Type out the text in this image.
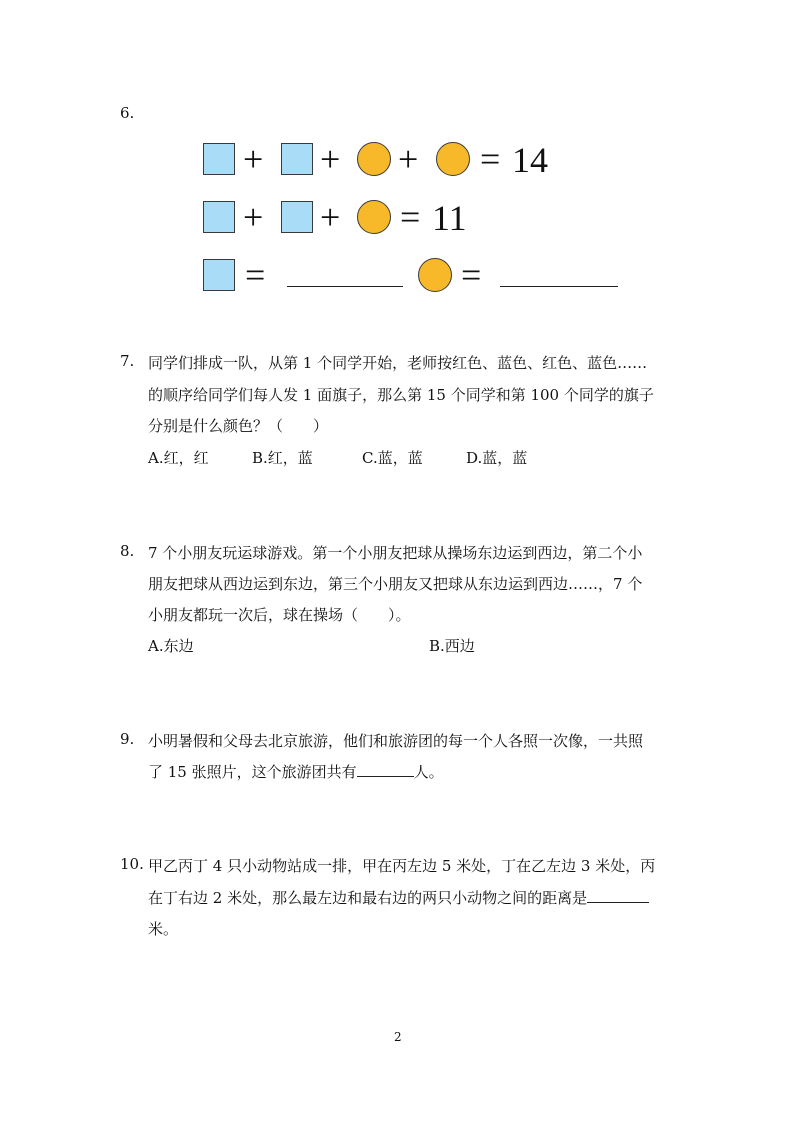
6.
+ + + = 14
+ + = 11
=	=
7. 同学们排成一队，从第 1 个同学开始，老师按红色、蓝色、红色、蓝色……
的顺序给同学们每人发 1 面旗子，那么第 15 个同学和第 100 个同学的旗子
分别是什么颜色？（　　）
A.红，红	B.红，蓝	C.蓝，蓝	D.蓝，蓝
8. 7 个小朋友玩运球游戏。第一个小朋友把球从操场东边运到西边，第二个小
朋友把球从西边运到东边，第三个小朋友又把球从东边运到西边……，7 个
小朋友都玩一次后，球在操场（　　）。
A.东边	B.西边
9. 小明暑假和父母去北京旅游，他们和旅游团的每一个人各照一次像，一共照
了 15 张照片，这个旅游团共有	人。
10. 甲乙丙丁 4 只小动物站成一排，甲在丙左边 5 米处，丁在乙左边 3 米处，丙
在丁右边 2 米处，那么最左边和最右边的两只小动物之间的距离是
米。
2
